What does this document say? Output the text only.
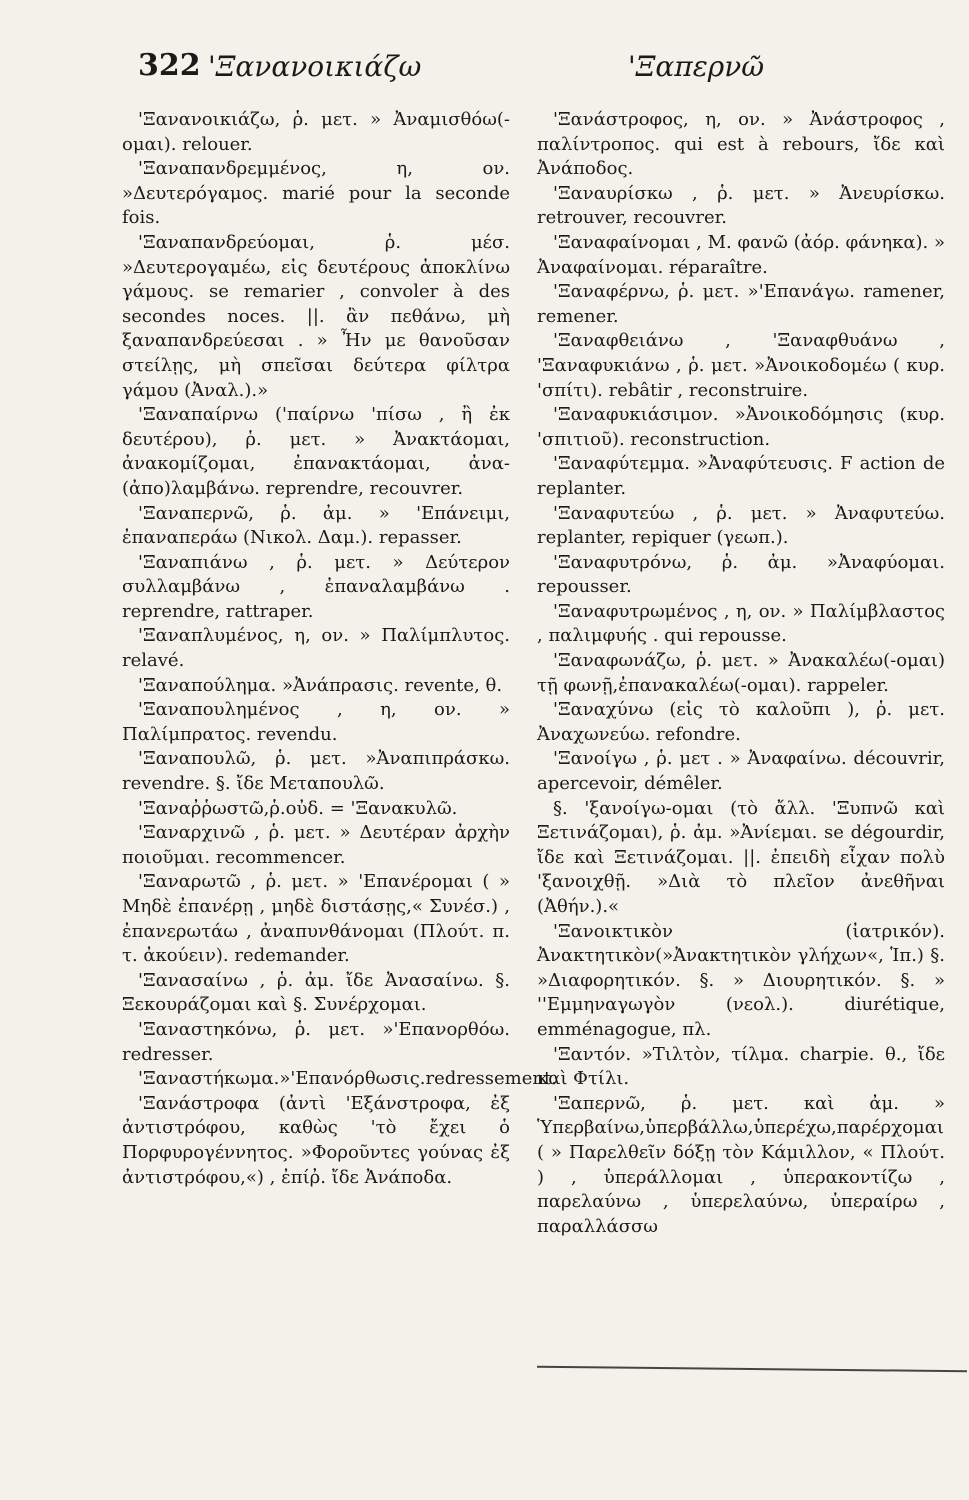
322 'Ξανανοικιάζω	'Ξαπερνῶ

'Ξανανοικιάζω, ῥ. μετ. » Ἀναμισθόω(-ομαι). relouer.

'Ξαναπανδρεμμένος, η, ον. »Δευτερόγαμος. marié pour la seconde fois.

'Ξαναπανδρεύομαι, ῥ. μέσ. »Δευτερογαμέω, εἰς δευτέρους ἀποκλίνω γάμους. se remarier , convoler à des secondes noces. ||. ἂν πεθάνω, μὴ ξαναπανδρεύεσαι . » Ἦν με θανοῦσαν στείλῃς, μὴ σπεῖσαι δεύτερα φίλτρα γάμου (Ἀναλ.).»

'Ξαναπαίρνω ('παίρνω 'πίσω , ἢ ἐκ δευτέρου), ῥ. μετ. » Ἀνακτάομαι, ἀνακομίζομαι, ἐπανακτάομαι, ἀνα-(ἀπο)λαμβάνω. reprendre, recouvrer.

'Ξαναπερνῶ, ῥ. ἀμ. » 'Επάνειμι, ἐπαναπεράω (Νικολ. Δαμ.). repasser.

'Ξαναπιάνω , ῥ. μετ. » Δεύτερον συλλαμβάνω , ἐπαναλαμβάνω . reprendre, rattraper.

'Ξαναπλυμένος, η, ον. » Παλίμπλυτος. relavé.

'Ξαναπούλημα. »Ἀνάπρασις. revente, θ.

'Ξαναπουλημένος , η, ον. » Παλίμπρατος. revendu.

'Ξαναπουλῶ, ῥ. μετ. »Ἀναπιπράσκω. revendre. §. ἴδε Μεταπουλῶ.

'Ξαναῤῥωστῶ,ῥ.οὐδ. = 'Ξανακυλῶ.

'Ξαναρχινῶ , ῥ. μετ. » Δευτέραν ἀρχὴν ποιοῦμαι. recommencer.

'Ξαναρωτῶ , ῥ. μετ. » 'Επανέρομαι ( » Μηδὲ ἐπανέρῃ , μηδὲ διστάσῃς,« Συνέσ.) , ἐπανερωτάω , ἀναπυνθάνομαι (Πλούτ. π. τ. ἀκούειν). redemander.

'Ξανασαίνω , ῥ. ἀμ. ἴδε Ἀνασαίνω. §. Ξεκουράζομαι καὶ §. Συνέρχομαι.

'Ξαναστηκόνω, ῥ. μετ. »'Επανορθόω. redresser.

'Ξαναστήκωμα.»'Επανόρθωσις.redressement.

'Ξανάστροφα (ἀντὶ 'Εξάνστροφα, ἐξ ἀντιστρόφου, καθὼς 'τὸ ἔχει ὁ Πορφυρογέννητος. »Φοροῦντες γούνας ἐξ ἀντιστρόφου,«) , ἐπίῤ. ἴδε Ἀνάποδα.

'Ξανάστροφος, η, ον. » Ἀνάστροφος , παλίντροπος. qui est à rebours, ἴδε καὶ Ἀνάποδος.

'Ξαναυρίσκω , ῥ. μετ. » Ἀνευρίσκω. retrouver, recouvrer.

'Ξαναφαίνομαι , Μ. φανῶ (ἀόρ. φάνηκα). » Ἀναφαίνομαι. réparaître.

'Ξαναφέρνω, ῥ. μετ. »'Επανάγω. ramener, remener.

'Ξαναφθειάνω , 'Ξαναφθυάνω , 'Ξαναφυκιάνω , ῥ. μετ. »Ἀνοικοδομέω ( κυρ. 'σπίτι). rebâtir , reconstruire.

'Ξαναφυκιάσιμον. »Ἀνοικοδόμησις (κυρ. 'σπιτιοῦ). reconstruction.

'Ξαναφύτεμμα. »Ἀναφύτευσις. F action de replanter.

'Ξαναφυτεύω , ῥ. μετ. » Ἀναφυτεύω. replanter, repiquer (γεωπ.).

'Ξαναφυτρόνω, ῥ. ἀμ. »Ἀναφύομαι. repousser.

'Ξαναφυτρωμένος , η, ον. » Παλίμβλαστος , παλιμφυής . qui repousse.

'Ξαναφωνάζω, ῥ. μετ. » Ἀνακαλέω(-ομαι) τῇ φωνῇ,ἐπανακαλέω(-ομαι). rappeler.

'Ξαναχύνω (εἰς τὸ καλοῦπι ), ῥ. μετ. Ἀναχωνεύω. refondre.

'Ξανοίγω , ῥ. μετ . » Ἀναφαίνω. découvrir, apercevoir, démêler.

§. 'ξανοίγω-ομαι (τὸ ἄλλ. 'Ξυπνῶ καὶ Ξετινάζομαι), ῥ. ἀμ. »Ἀνίεμαι. se dégourdir, ἴδε καὶ Ξετινάζομαι. ||. ἐπειδὴ εἶχαν πολὺ 'ξανοιχθῇ. »Διὰ τὸ πλεῖον ἀνεθῆναι (Ἀθήν.).«

'Ξανοικτικὸν (ἰατρικόν). Ἀνακτητικὸν(»Ἀνακτητικὸν γλήχων«, Ἱπ.) §. »Διαφορητικόν. §. » Διουρητικόν. §. » ''Εμμηναγωγὸν (νεολ.). diurétique, emménagogue, πλ.

'Ξαντόν. »Τιλτὸν, τίλμα. charpie. θ., ἴδε καὶ Φτίλι.

'Ξαπερνῶ, ῥ. μετ. καὶ ἀμ. » Ὑπερβαίνω,ὑπερβάλλω,ὑπερέχω,παρέρχομαι ( » Παρελθεῖν δόξῃ τὸν Κάμιλλον, « Πλούτ. ) , ὑπεράλλομαι , ὑπερακοντίζω , παρελαύνω , ὑπερελαύνω, ὑπεραίρω , παραλλάσσω
